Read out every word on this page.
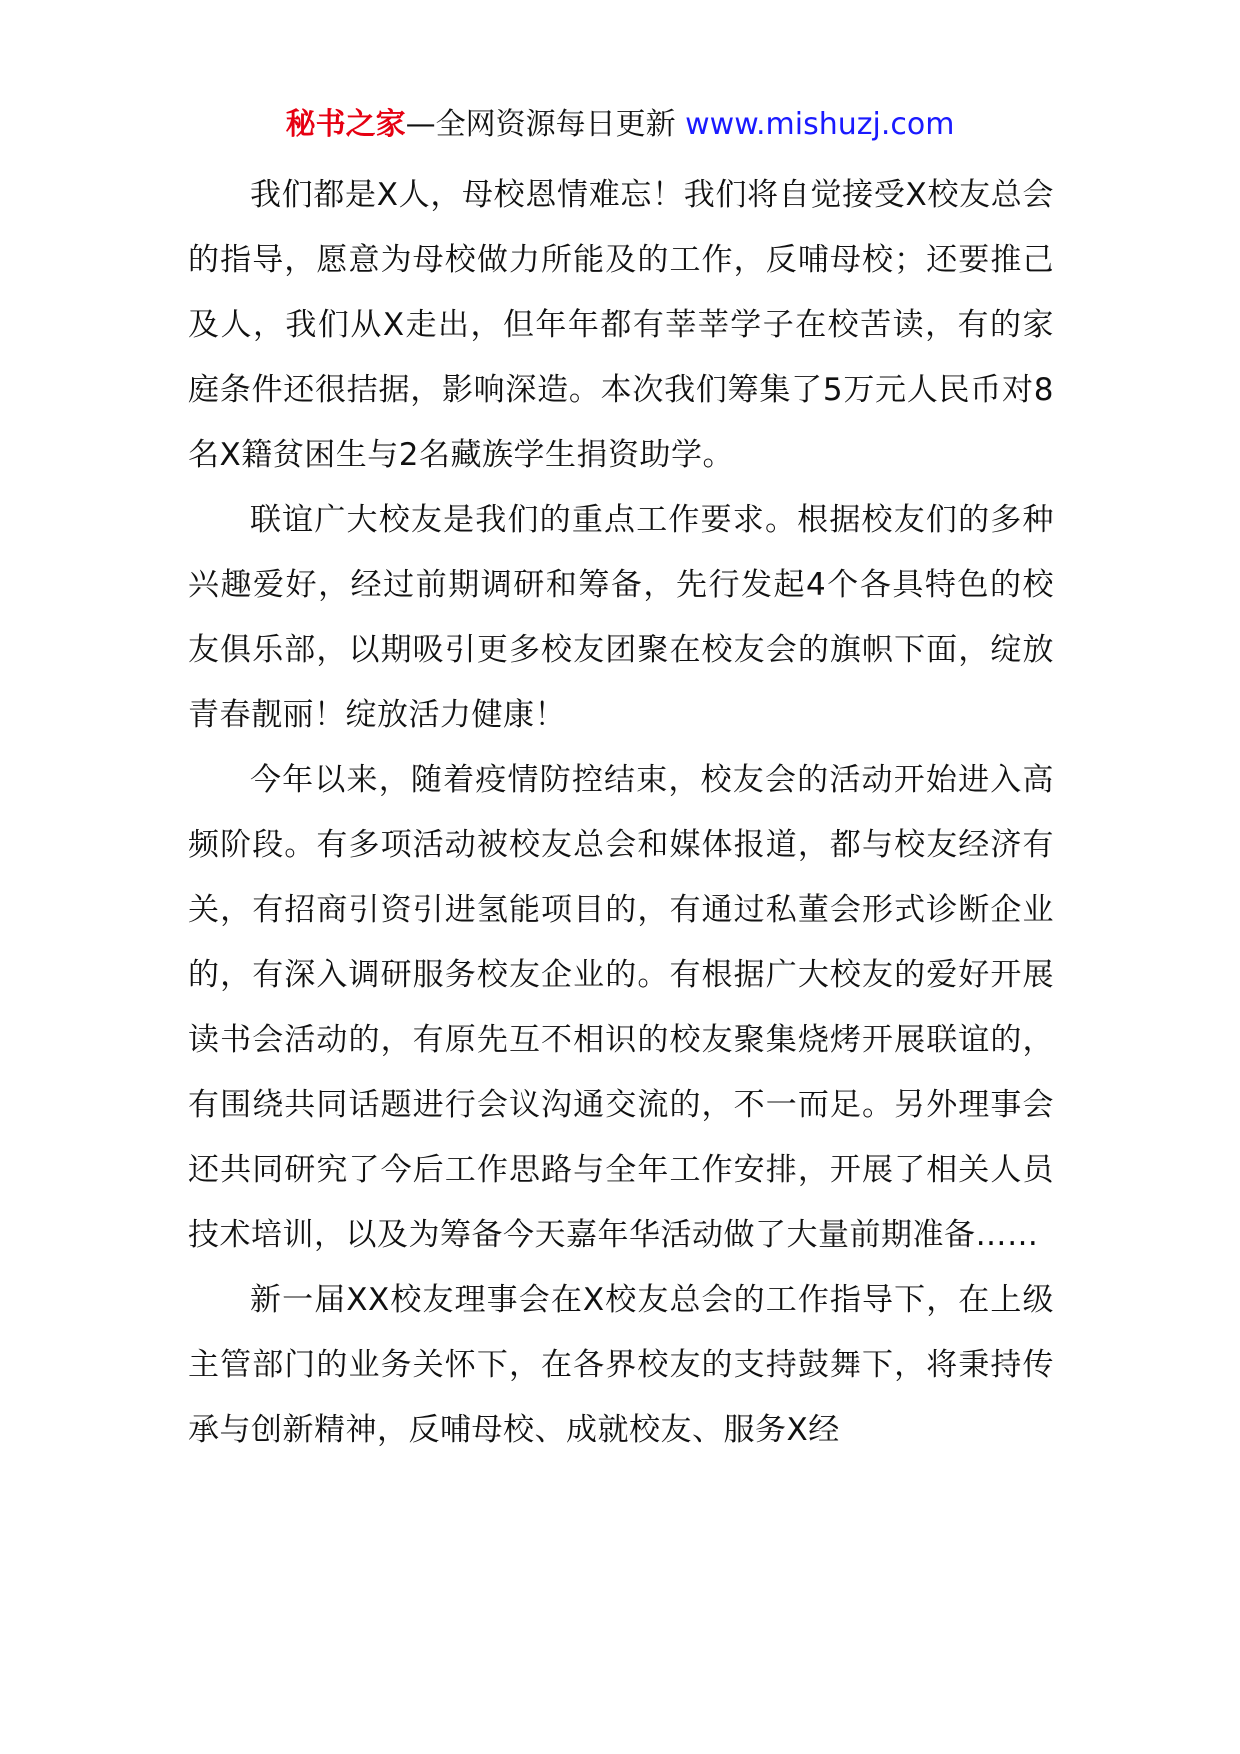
秘书之家—全网资源每日更新 www.mishuzj.com

我们都是X人，母校恩情难忘！我们将自觉接受X校友总会的指导，愿意为母校做力所能及的工作，反哺母校；还要推己及人，我们从X走出，但年年都有莘莘学子在校苦读，有的家庭条件还很拮据，影响深造。本次我们筹集了5万元人民币对8名X籍贫困生与2名藏族学生捐资助学。

联谊广大校友是我们的重点工作要求。根据校友们的多种兴趣爱好，经过前期调研和筹备，先行发起4个各具特色的校友俱乐部，以期吸引更多校友团聚在校友会的旗帜下面，绽放青春靓丽！绽放活力健康！

今年以来，随着疫情防控结束，校友会的活动开始进入高频阶段。有多项活动被校友总会和媒体报道，都与校友经济有关，有招商引资引进氢能项目的，有通过私董会形式诊断企业的，有深入调研服务校友企业的。有根据广大校友的爱好开展读书会活动的，有原先互不相识的校友聚集烧烤开展联谊的，有围绕共同话题进行会议沟通交流的，不一而足。另外理事会还共同研究了今后工作思路与全年工作安排，开展了相关人员技术培训，以及为筹备今天嘉年华活动做了大量前期准备……

新一届XX校友理事会在X校友总会的工作指导下，在上级主管部门的业务关怀下，在各界校友的支持鼓舞下，将秉持传承与创新精神，反哺母校、成就校友、服务X经
